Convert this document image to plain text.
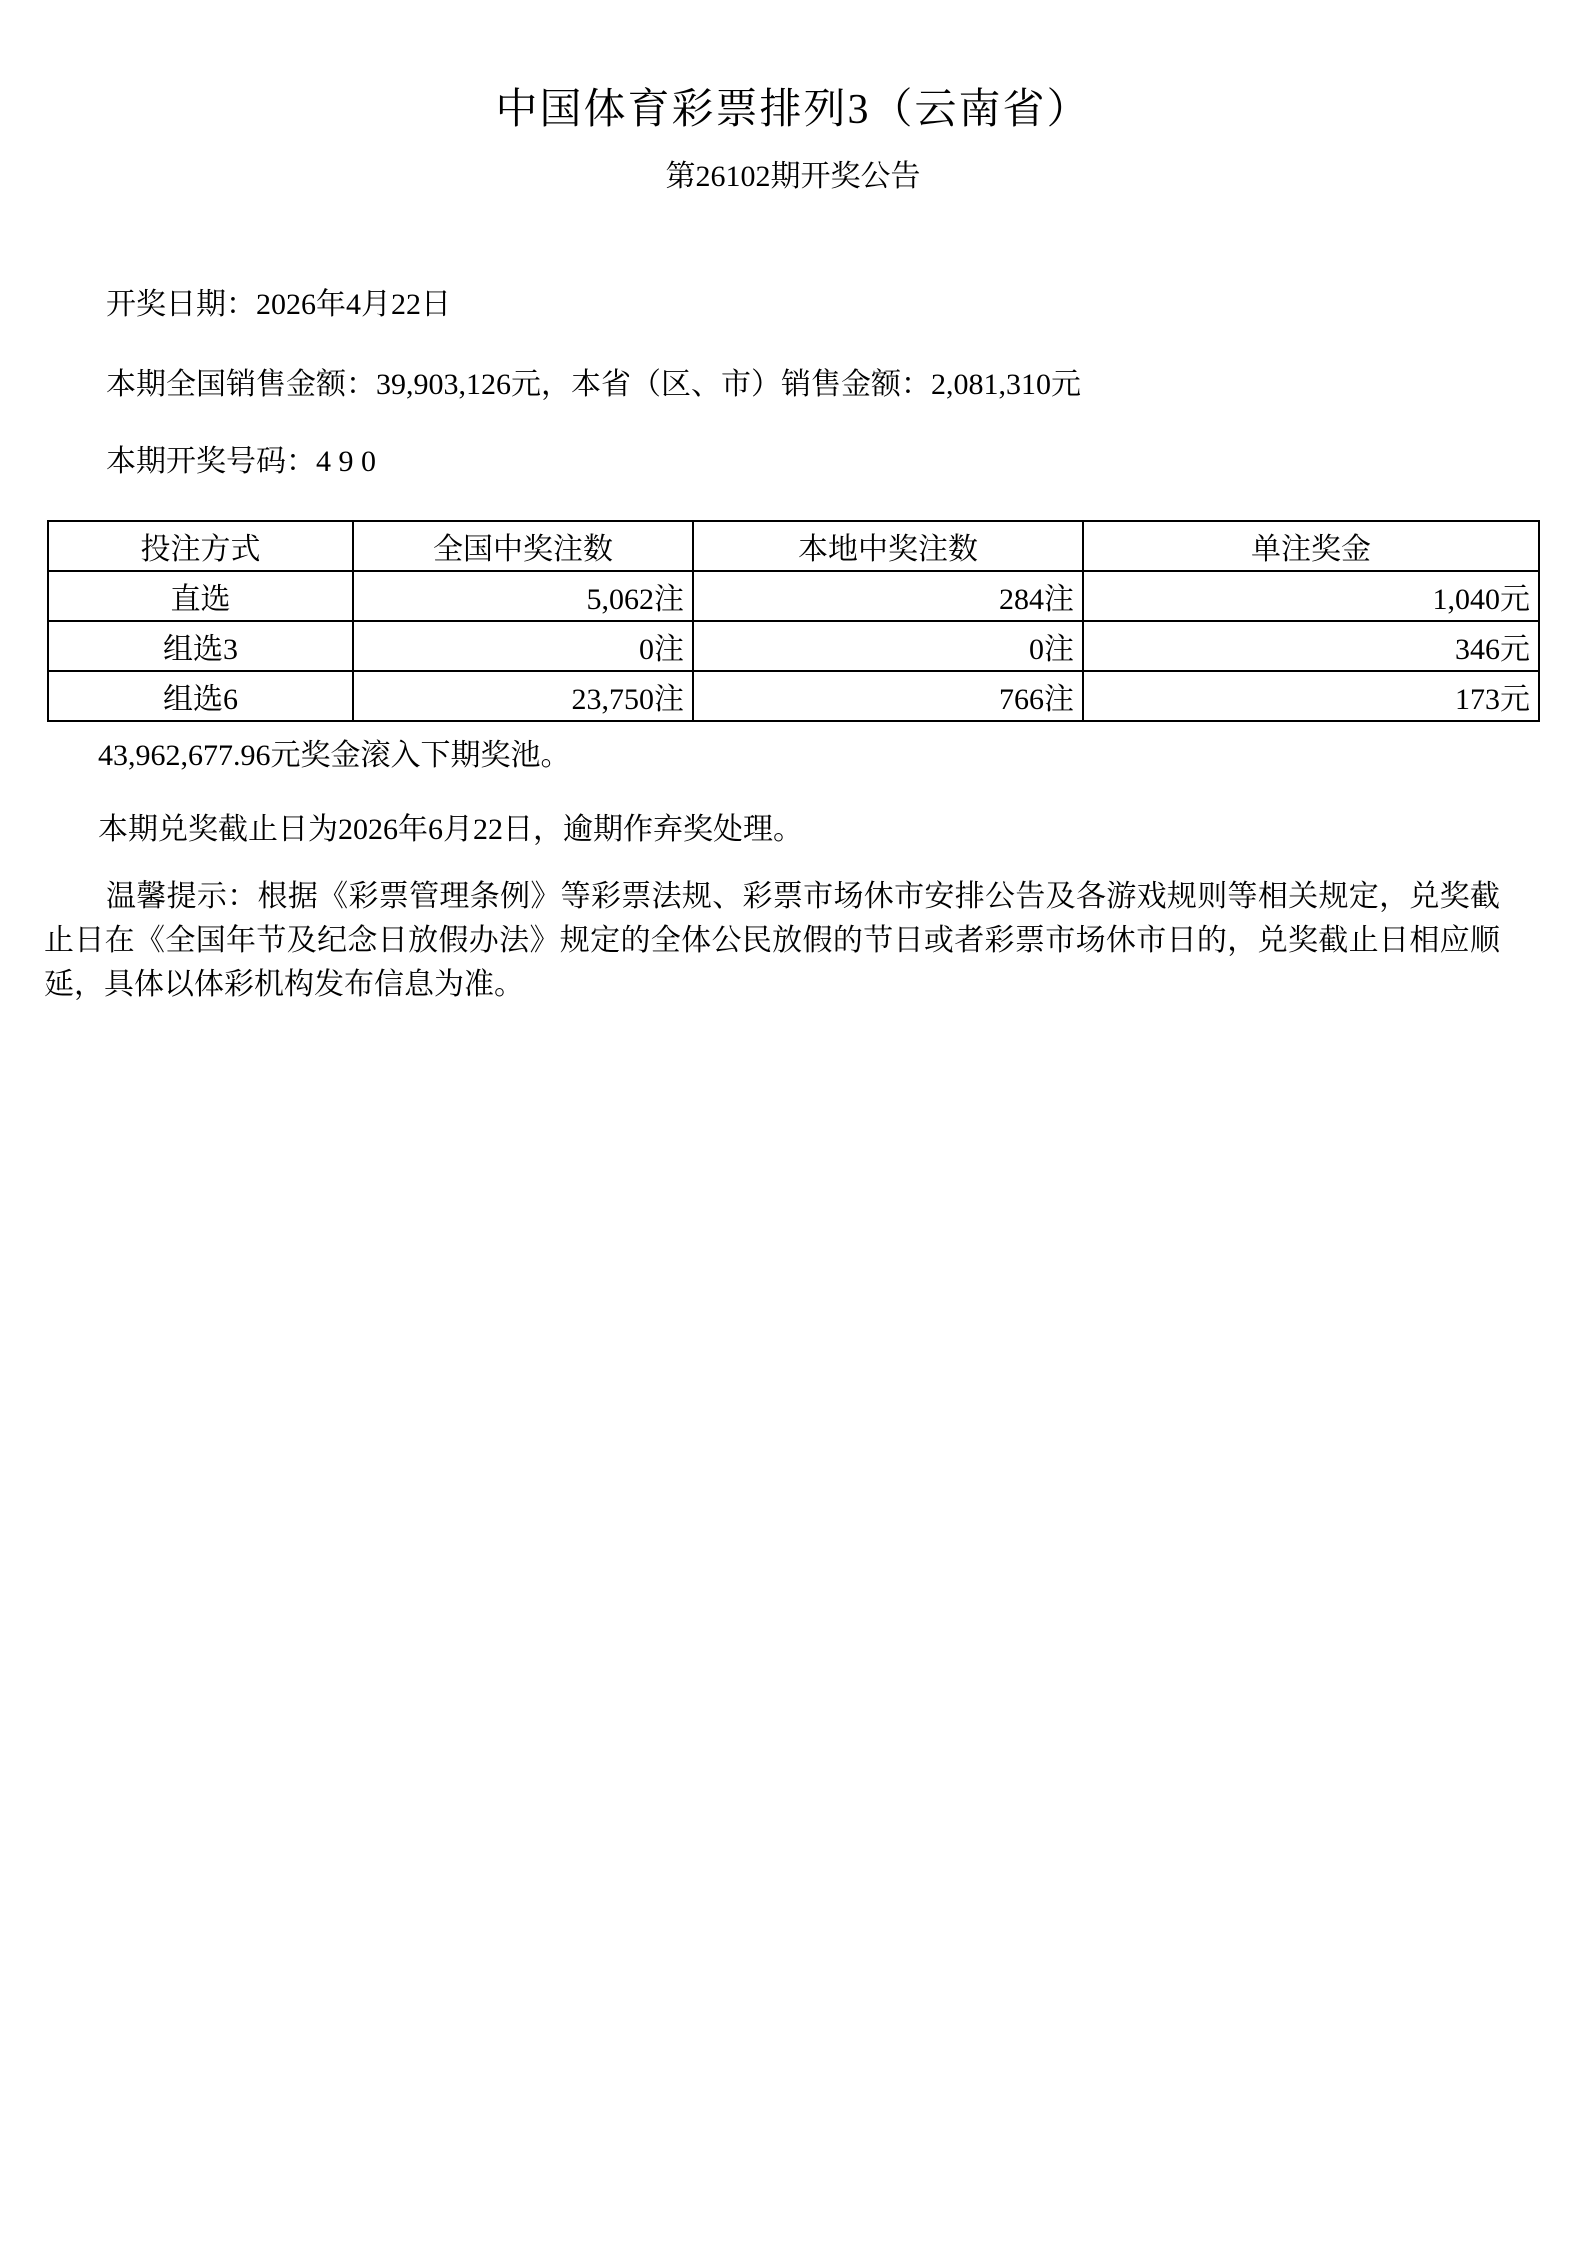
中国体育彩票排列3（云南省）
第26102期开奖公告
开奖日期：2026年4月22日
本期全国销售金额：39,903,126元，本省（区、市）销售金额：2,081,310元
本期开奖号码：4 9 0
投注方式	全国中奖注数	本地中奖注数	单注奖金
直选	5,062注	284注	1,040元
组选3	0注	0注	346元
组选6	23,750注	766注	173元
43,962,677.96元奖金滚入下期奖池。
本期兑奖截止日为2026年6月22日，逾期作弃奖处理。
温馨提示：根据《彩票管理条例》等彩票法规、彩票市场休市安排公告及各游戏规则等相关规定，兑奖截止日在《全国年节及纪念日放假办法》规定的全体公民放假的节日或者彩票市场休市日的，兑奖截止日相应顺延，具体以体彩机构发布信息为准。
